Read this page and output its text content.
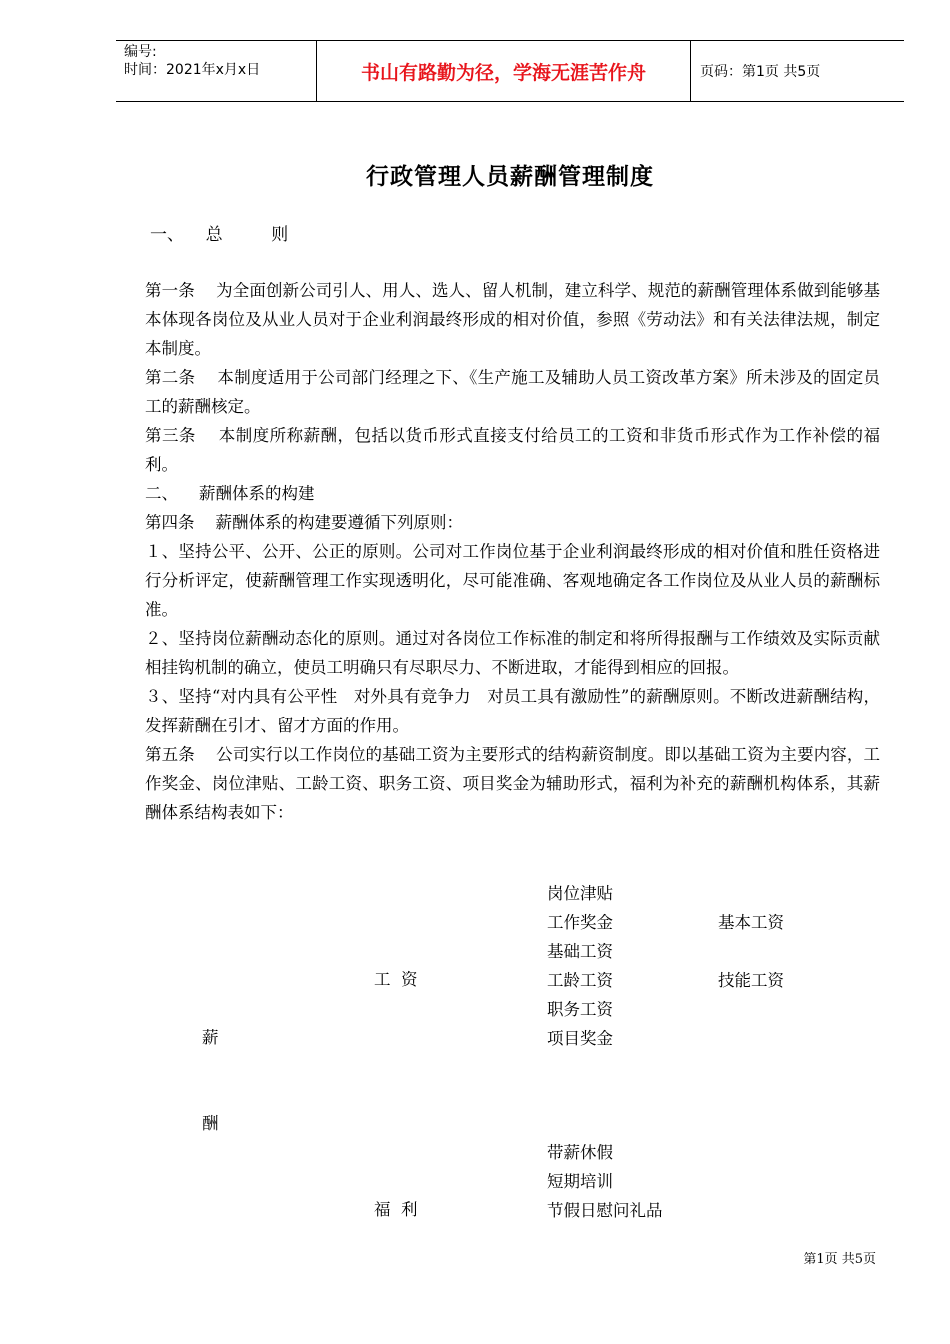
编号:
时间：2021年x月x日	书山有路勤为径，学海无涯苦作舟	页码：第1页 共5页
行政管理人员薪酬管理制度
一、    总         则

第一条    为全面创新公司引人、用人、选人、留人机制，建立科学、规范的薪酬管理体系做到能够基本体现各岗位及从业人员对于企业利润最终形成的相对价值，参照《劳动法》和有关法律法规，制定本制度。

第二条    本制度适用于公司部门经理之下、《生产施工及辅助人员工资改革方案》所未涉及的固定员工的薪酬核定。

第三条    本制度所称薪酬，包括以货币形式直接支付给员工的工资和非货币形式作为工作补偿的福利。

二、    薪酬体系的构建

第四条    薪酬体系的构建要遵循下列原则：

１、坚持公平、公开、公正的原则。公司对工作岗位基于企业利润最终形成的相对价值和胜任资格进行分析评定，使薪酬管理工作实现透明化，尽可能准确、客观地确定各工作岗位及从业人员的薪酬标准。

２、坚持岗位薪酬动态化的原则。通过对各岗位工作标准的制定和将所得报酬与工作绩效及实际贡献相挂钩机制的确立，使员工明确只有尽职尽力、不断进取，才能得到相应的回报。

３、坚持“对内具有公平性   对外具有竞争力   对员工具有激励性”的薪酬原则。不断改进薪酬结构，发挥薪酬在引才、留才方面的作用。

第五条    公司实行以工作岗位的基础工资为主要形式的结构薪资制度。即以基础工资为主要内容，工作奖金、岗位津贴、工龄工资、职务工资、项目奖金为辅助形式，福利为补充的薪酬机构体系，其薪酬体系结构表如下：

薪
酬
工  资
福  利
岗位津贴
工作奖金
基础工资
工龄工资
职务工资
项目奖金
基本工资
技能工资
带薪休假
短期培训
节假日慰问礼品
第1页 共5页
